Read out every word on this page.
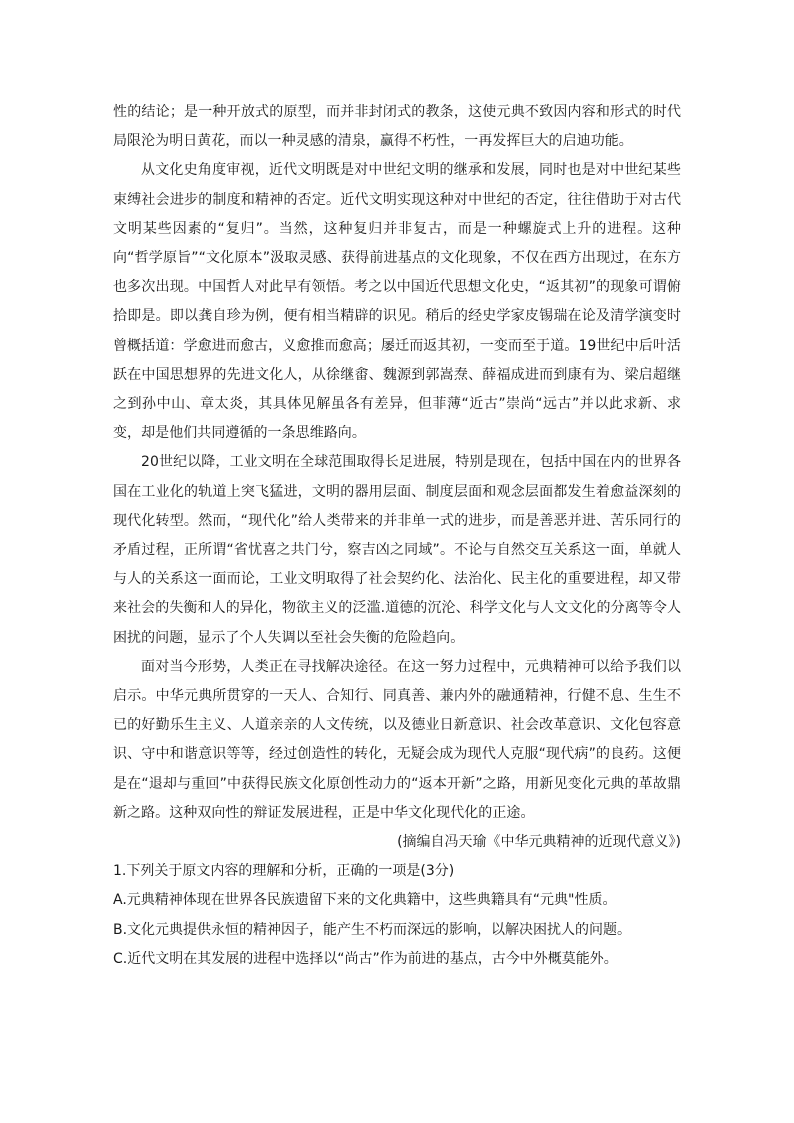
性的结论；是一种开放式的原型，而并非封闭式的教条，这使元典不致因内容和形式的时代局限沦为明日黄花，而以一种灵感的清泉，赢得不朽性，一再发挥巨大的启迪功能。

从文化史角度审视，近代文明既是对中世纪文明的继承和发展，同时也是对中世纪某些束缚社会进步的制度和精神的否定。近代文明实现这种对中世纪的否定，往往借助于对古代文明某些因素的“复归”。当然，这种复归并非复古，而是一种螺旋式上升的进程。这种向“哲学原旨”“文化原本”汲取灵感、获得前进基点的文化现象，不仅在西方出现过，在东方也多次出现。中国哲人对此早有领悟。考之以中国近代思想文化史，“返其初”的现象可谓俯拾即是。即以龚自珍为例，便有相当精辟的识见。稍后的经史学家皮锡瑞在论及清学演变时曾概括道：学愈进而愈古，义愈推而愈高；屡迁而返其初，一变而至于道。19世纪中后叶活跃在中国思想界的先进文化人，从徐继畬、魏源到郭嵩焘、薛福成进而到康有为、梁启超继之到孙中山、章太炎，其具体见解虽各有差异，但菲薄“近古”崇尚“远古”并以此求新、求变，却是他们共同遵循的一条思维路向。

20世纪以降，工业文明在全球范围取得长足进展，特别是现在，包括中国在内的世界各国在工业化的轨道上突飞猛进，文明的器用层面、制度层面和观念层面都发生着愈益深刻的现代化转型。然而，“现代化”给人类带来的并非单一式的进步，而是善恶并进、苦乐同行的矛盾过程，正所谓“省忧喜之共门兮，察吉凶之同域”。不论与自然交互关系这一面，单就人与人的关系这一面而论，工业文明取得了社会契约化、法治化、民主化的重要进程，却又带来社会的失衡和人的异化，物欲主义的泛滥.道德的沉沦、科学文化与人文文化的分离等令人困扰的问题，显示了个人失调以至社会失衡的危险趋向。

面对当今形势，人类正在寻找解决途径。在这一努力过程中，元典精神可以给予我们以启示。中华元典所贯穿的一天人、合知行、同真善、兼内外的融通精神，行健不息、生生不已的好勤乐生主义、人道亲亲的人文传统，以及德业日新意识、社会改革意识、文化包容意识、守中和谐意识等等，经过创造性的转化，无疑会成为现代人克服“现代病”的良药。这便是在“退却与重回”中获得民族文化原创性动力的“返本开新”之路，用新见变化元典的革故鼎新之路。这种双向性的辩证发展进程，正是中华文化现代化的正途。

(摘编自冯天瑜《中华元典精神的近现代意义》)

1.下列关于原文内容的理解和分析，正确的一项是(3分)

A.元典精神体现在世界各民族遗留下来的文化典籍中，这些典籍具有“元典"性质。

B.文化元典提供永恒的精神因子，能产生不朽而深远的影响，以解决困扰人的问题。

C.近代文明在其发展的进程中选择以“尚古”作为前进的基点，古今中外概莫能外。
